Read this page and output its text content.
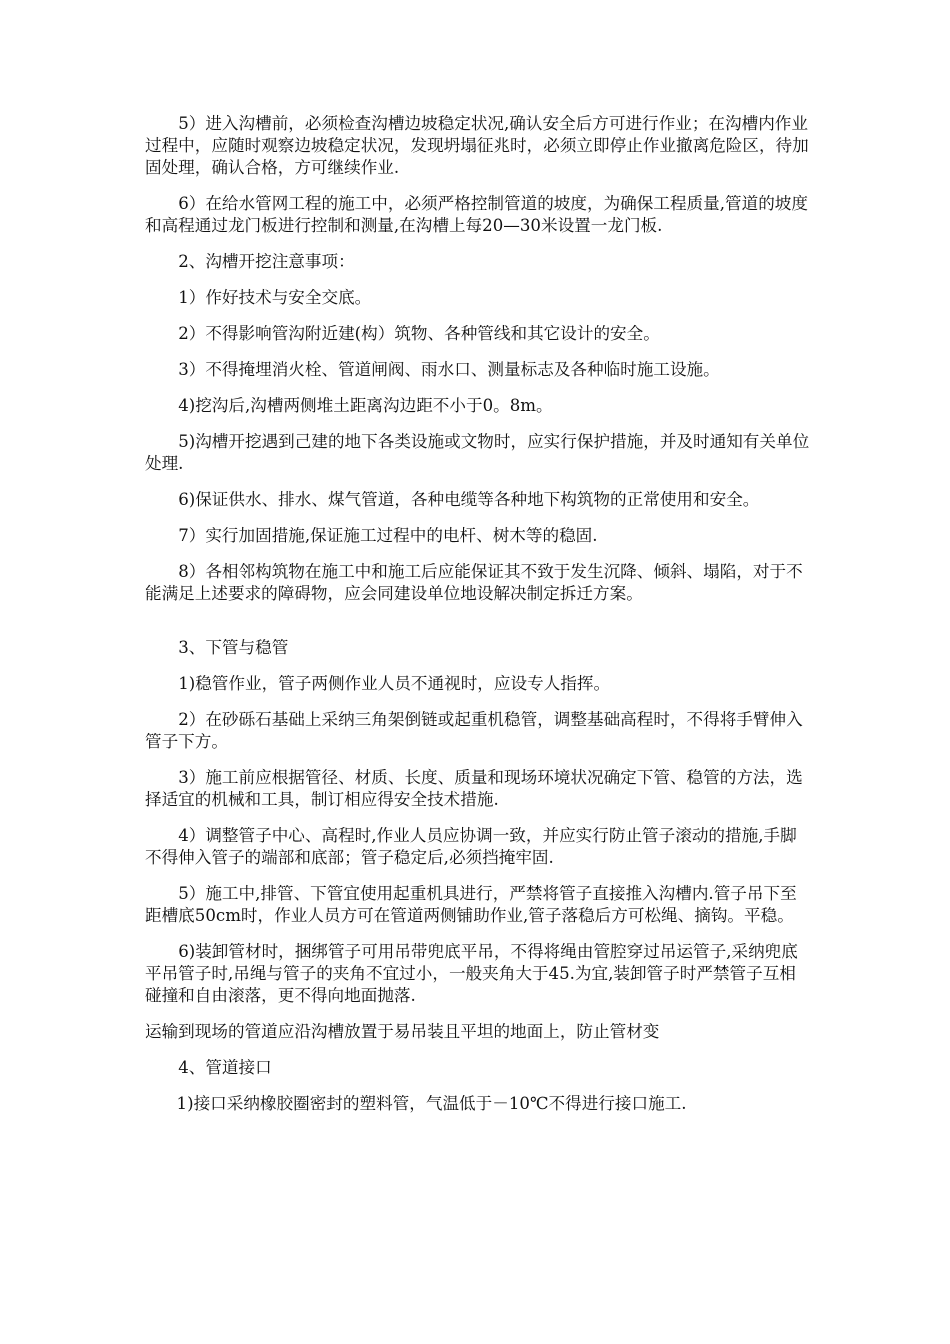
5）进入沟槽前，必须检查沟槽边坡稳定状况,确认安全后方可进行作业；在沟槽内作业过程中，应随时观察边坡稳定状况，发现坍塌征兆时，必须立即停止作业撤离危险区，待加固处理，确认合格，方可继续作业.

6）在给水管网工程的施工中，必须严格控制管道的坡度，为确保工程质量,管道的坡度和高程通过龙门板进行控制和测量,在沟槽上每20—30米设置一龙门板.

2、沟槽开挖注意事项：

1）作好技术与安全交底。

2）不得影响管沟附近建(构）筑物、各种管线和其它设计的安全。

3）不得掩埋消火栓、管道闸阀、雨水口、测量标志及各种临时施工设施。

4)挖沟后,沟槽两侧堆土距离沟边距不小于0。8m。

5)沟槽开挖遇到己建的地下各类设施或文物时，应实行保护措施，并及时通知有关单位处理.

6)保证供水、排水、煤气管道，各种电缆等各种地下构筑物的正常使用和安全。

7）实行加固措施,保证施工过程中的电杆、树木等的稳固.

8）各相邻构筑物在施工中和施工后应能保证其不致于发生沉降、倾斜、塌陷，对于不能满足上述要求的障碍物，应会同建设单位地设解决制定拆迁方案。

3、下管与稳管

1)稳管作业，管子两侧作业人员不通视时，应设专人指挥。

2）在砂砾石基础上采纳三角架倒链或起重机稳管，调整基础高程时，不得将手臂伸入管子下方。

3）施工前应根据管径、材质、长度、质量和现场环境状况确定下管、稳管的方法，选择适宜的机械和工具，制订相应得安全技术措施.

4）调整管子中心、高程时,作业人员应协调一致，并应实行防止管子滚动的措施,手脚不得伸入管子的端部和底部；管子稳定后,必须挡掩牢固.

5）施工中,排管、下管宜使用起重机具进行，严禁将管子直接推入沟槽内.管子吊下至距槽底50cm时，作业人员方可在管道两侧铺助作业,管子落稳后方可松绳、摘钩。平稳。

6)装卸管材时，捆绑管子可用吊带兜底平吊，不得将绳由管腔穿过吊运管子,采纳兜底平吊管子时,吊绳与管子的夹角不宜过小，一般夹角大于45.为宜,装卸管子时严禁管子互相碰撞和自由滚落，更不得向地面抛落.

运输到现场的管道应沿沟槽放置于易吊装且平坦的地面上，防止管材变

4、管道接口

1)接口采纳橡胶圈密封的塑料管，气温低于－10℃不得进行接口施工.
